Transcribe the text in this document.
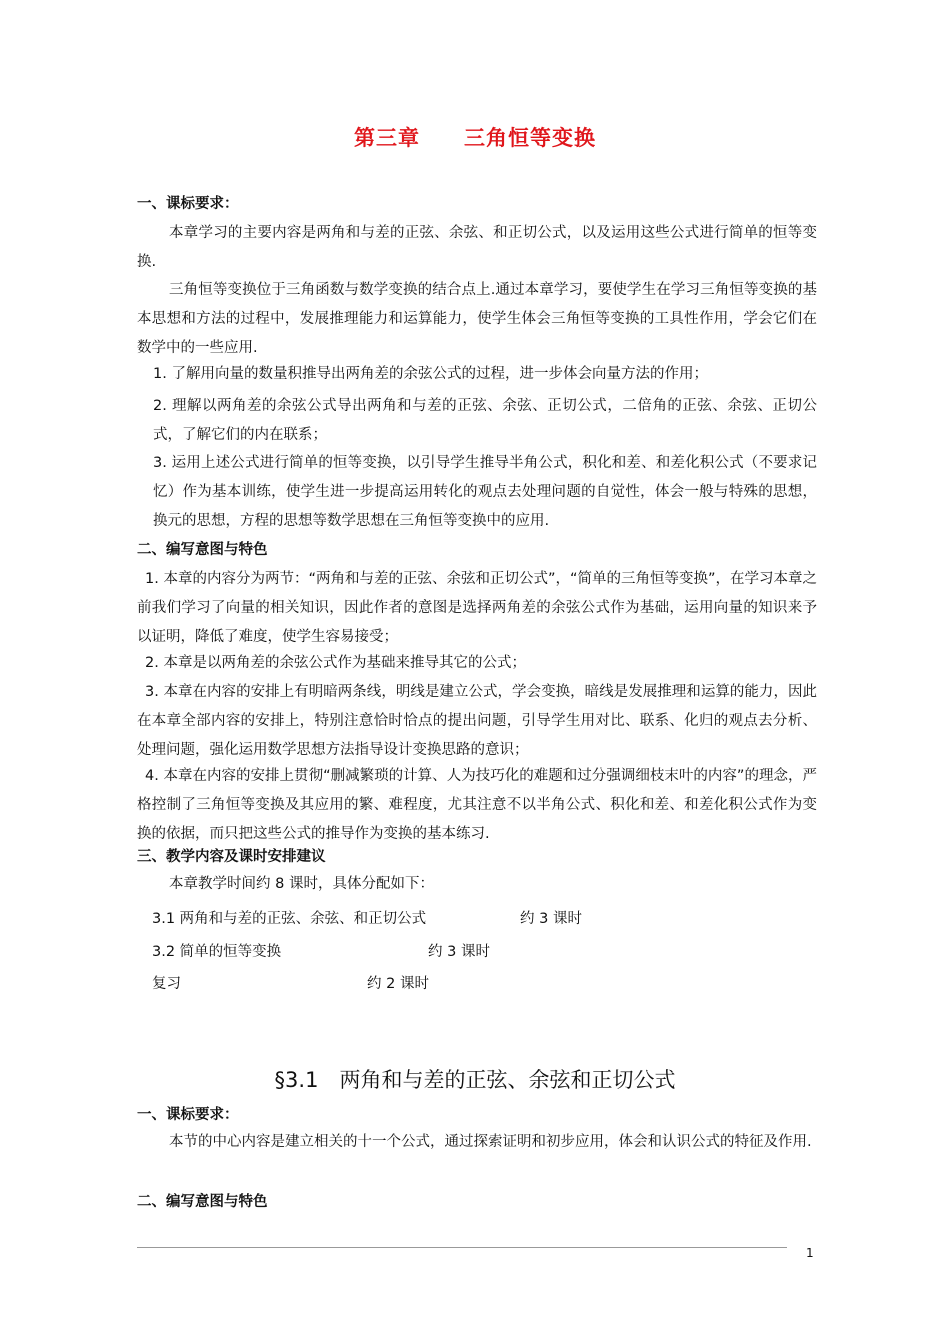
第三章　　三角恒等变换
一、课标要求：
本章学习的主要内容是两角和与差的正弦、余弦、和正切公式，以及运用这些公式进行简单的恒等变换.
三角恒等变换位于三角函数与数学变换的结合点上.通过本章学习，要使学生在学习三角恒等变换的基本思想和方法的过程中，发展推理能力和运算能力，使学生体会三角恒等变换的工具性作用，学会它们在数学中的一些应用.
1. 了解用向量的数量积推导出两角差的余弦公式的过程，进一步体会向量方法的作用；
2. 理解以两角差的余弦公式导出两角和与差的正弦、余弦、正切公式，二倍角的正弦、余弦、正切公式，了解它们的内在联系；
3. 运用上述公式进行简单的恒等变换，以引导学生推导半角公式，积化和差、和差化积公式（不要求记忆）作为基本训练，使学生进一步提高运用转化的观点去处理问题的自觉性，体会一般与特殊的思想，换元的思想，方程的思想等数学思想在三角恒等变换中的应用.
二、编写意图与特色
1. 本章的内容分为两节：“两角和与差的正弦、余弦和正切公式”，“简单的三角恒等变换”，在学习本章之前我们学习了向量的相关知识，因此作者的意图是选择两角差的余弦公式作为基础，运用向量的知识来予以证明，降低了难度，使学生容易接受；
2. 本章是以两角差的余弦公式作为基础来推导其它的公式；
3. 本章在内容的安排上有明暗两条线，明线是建立公式，学会变换，暗线是发展推理和运算的能力，因此在本章全部内容的安排上，特别注意恰时恰点的提出问题，引导学生用对比、联系、化归的观点去分析、处理问题，强化运用数学思想方法指导设计变换思路的意识；
4. 本章在内容的安排上贯彻“删减繁琐的计算、人为技巧化的难题和过分强调细枝末叶的内容”的理念，严格控制了三角恒等变换及其应用的繁、难程度，尤其注意不以半角公式、积化和差、和差化积公式作为变换的依据，而只把这些公式的推导作为变换的基本练习.
三、教学内容及课时安排建议
本章教学时间约 8 课时，具体分配如下：
3.1 两角和与差的正弦、余弦、和正切公式	约 3 课时
3.2 简单的恒等变换	约 3 课时
复习	约 2 课时
§3.1　两角和与差的正弦、余弦和正切公式
一、课标要求：
本节的中心内容是建立相关的十一个公式，通过探索证明和初步应用，体会和认识公式的特征及作用.
二、编写意图与特色
1
